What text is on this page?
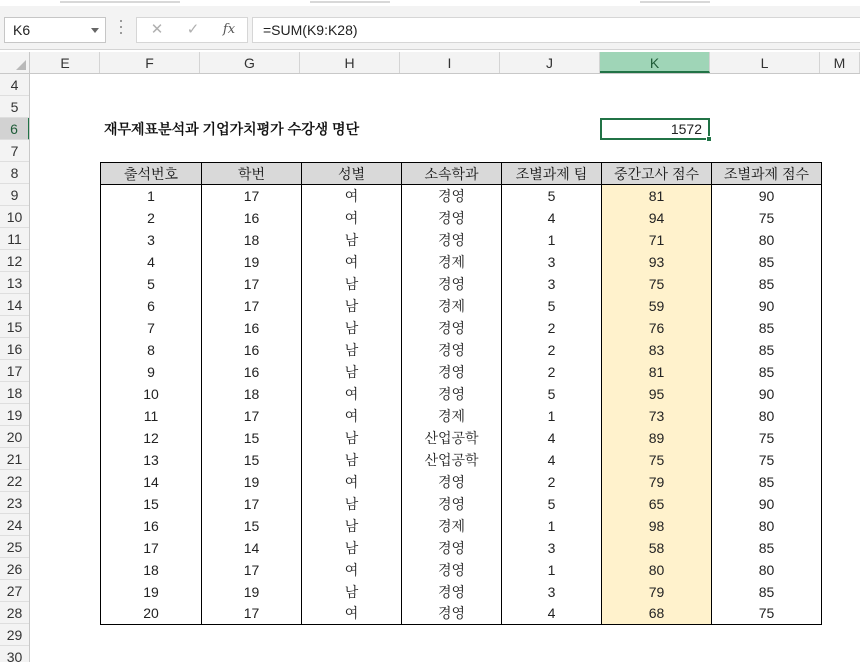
K6	✕	✓	fx	=SUM(K9:K28)
E	F	G	H	I	J	K	L	M
4
5
6
7
8
9
10
11
12
13
14
15
16
17
18
19
20
21
22
23
24
25
26
27
28
29
30
재무제표분석과 기업가치평가 수강생 명단	1572
출석번호	학번	성별	소속학과	조별과제 팀	중간고사 점수	조별과제 점수
1	17	여	경영	5	81	90
2	16	여	경영	4	94	75
3	18	남	경영	1	71	80
4	19	여	경제	3	93	85
5	17	남	경영	3	75	85
6	17	남	경제	5	59	90
7	16	남	경영	2	76	85
8	16	남	경영	2	83	85
9	16	남	경영	2	81	85
10	18	여	경영	5	95	90
11	17	여	경제	1	73	80
12	15	남	산업공학	4	89	75
13	15	남	산업공학	4	75	75
14	19	여	경영	2	79	85
15	17	남	경영	5	65	90
16	15	남	경제	1	98	80
17	14	남	경영	3	58	85
18	17	여	경영	1	80	80
19	19	남	경영	3	79	85
20	17	여	경영	4	68	75
